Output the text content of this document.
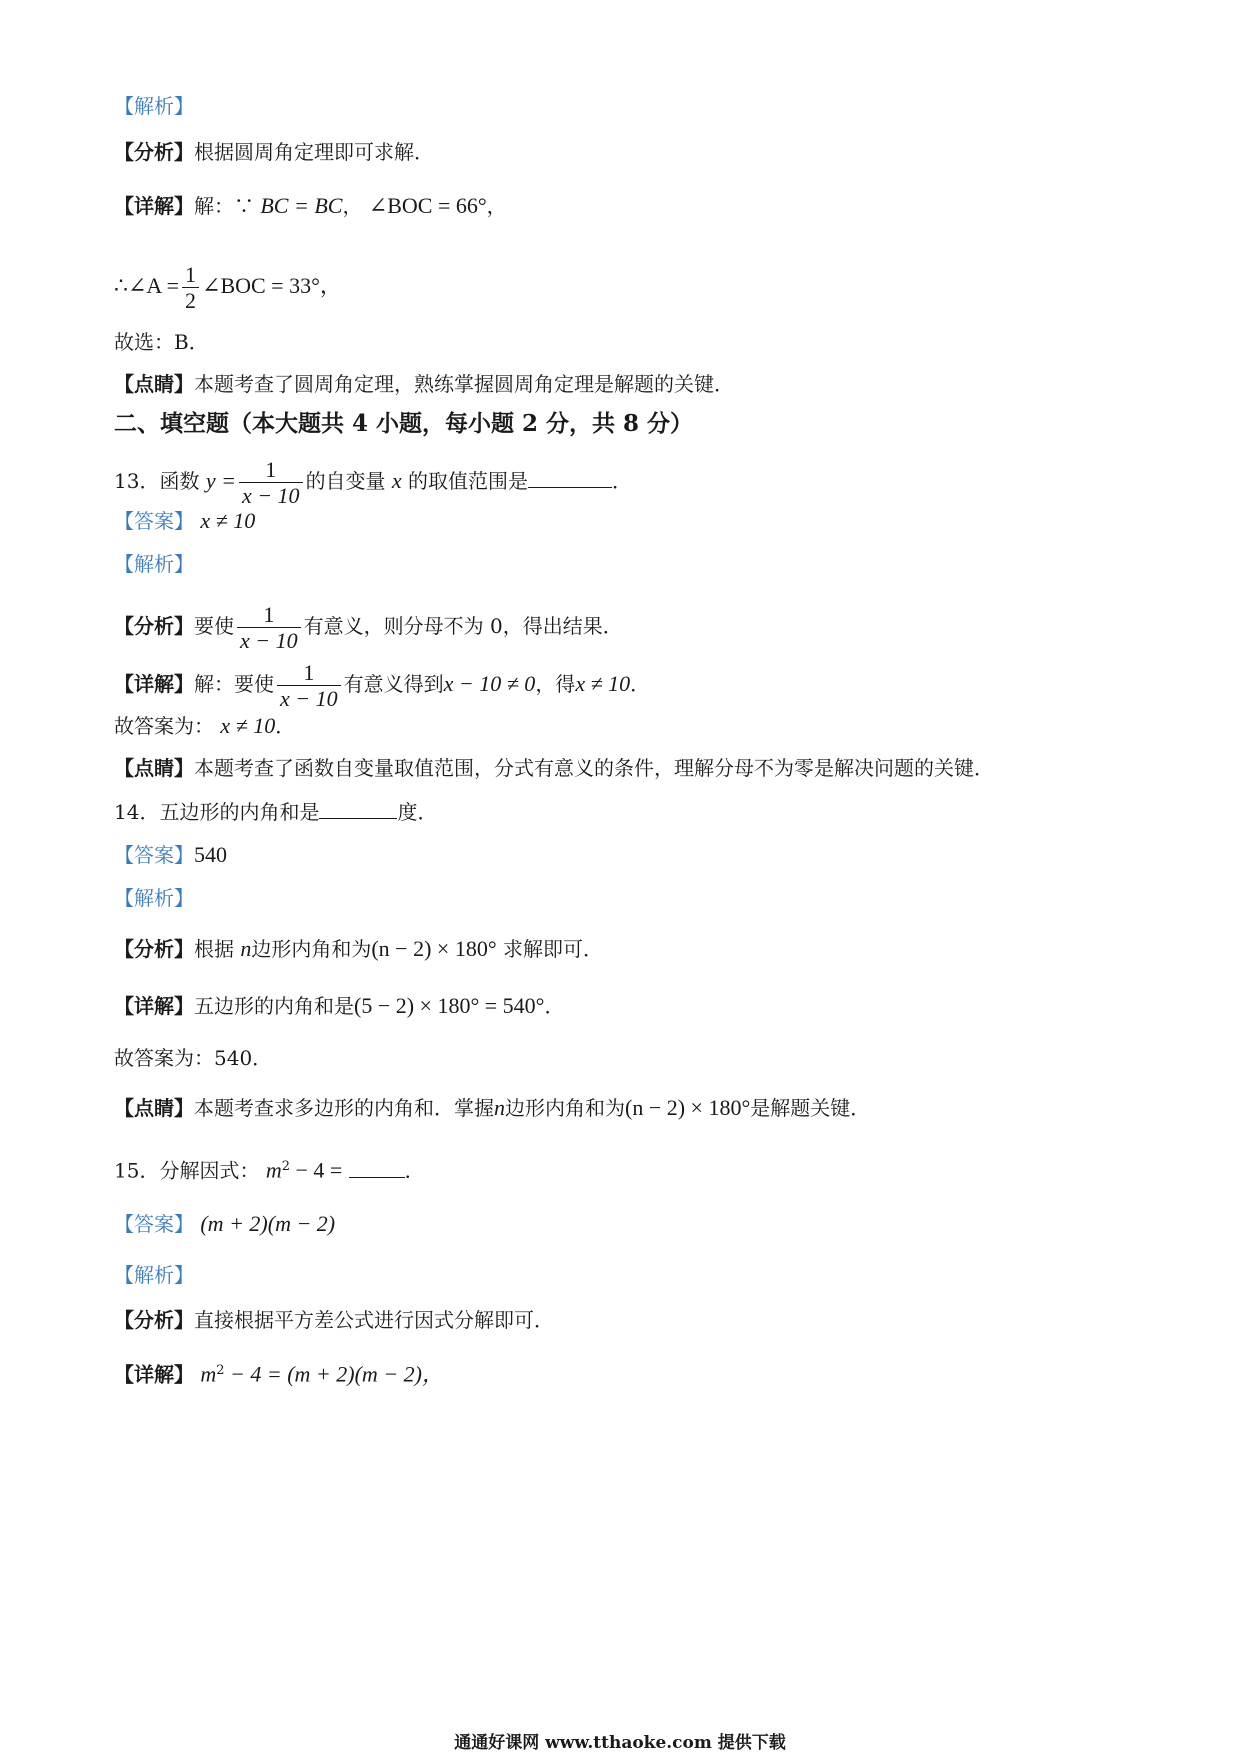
【解析】
【分析】根据圆周角定理即可求解．
【详解】解：∵ BC = BC， ∠BOC = 66°，
∴∠A = $\frac{1}{2}$ ∠BOC = 33°，
故选：B．
【点睛】本题考查了圆周角定理，熟练掌握圆周角定理是解题的关键．
二、填空题（本大题共 4 小题，每小题 2 分，共 8 分）
13．函数 $y = \frac{1}{x - 10}$ 的自变量 x 的取值范围是	．
【答案】 x ≠ 10
【解析】
【分析】要使 $\frac{1}{x - 10}$ 有意义，则分母不为 0，得出结果．
【详解】解：要使 $\frac{1}{x - 10}$ 有意义得到x − 10 ≠ 0，得x ≠ 10．
故答案为： x ≠ 10．
【点睛】本题考查了函数自变量取值范围，分式有意义的条件，理解分母不为零是解决问题的关键．
14．五边形的内角和是	度．
【答案】540
【解析】
【分析】根据 n边形内角和为(n − 2) × 180° 求解即可．
【详解】五边形的内角和是(5 − 2) × 180° = 540°．
故答案为：540．
【点睛】本题考查求多边形的内角和．掌握n边形内角和为(n − 2) × 180°是解题关键．
15．分解因式： $m^2 - 4$ =	．
【答案】 (m + 2)(m − 2)
【解析】
【分析】直接根据平方差公式进行因式分解即可．
【详解】 $m^2 - 4 = (m + 2)(m - 2)$，
通通好课网 www.tthaoke.com 提供下载
